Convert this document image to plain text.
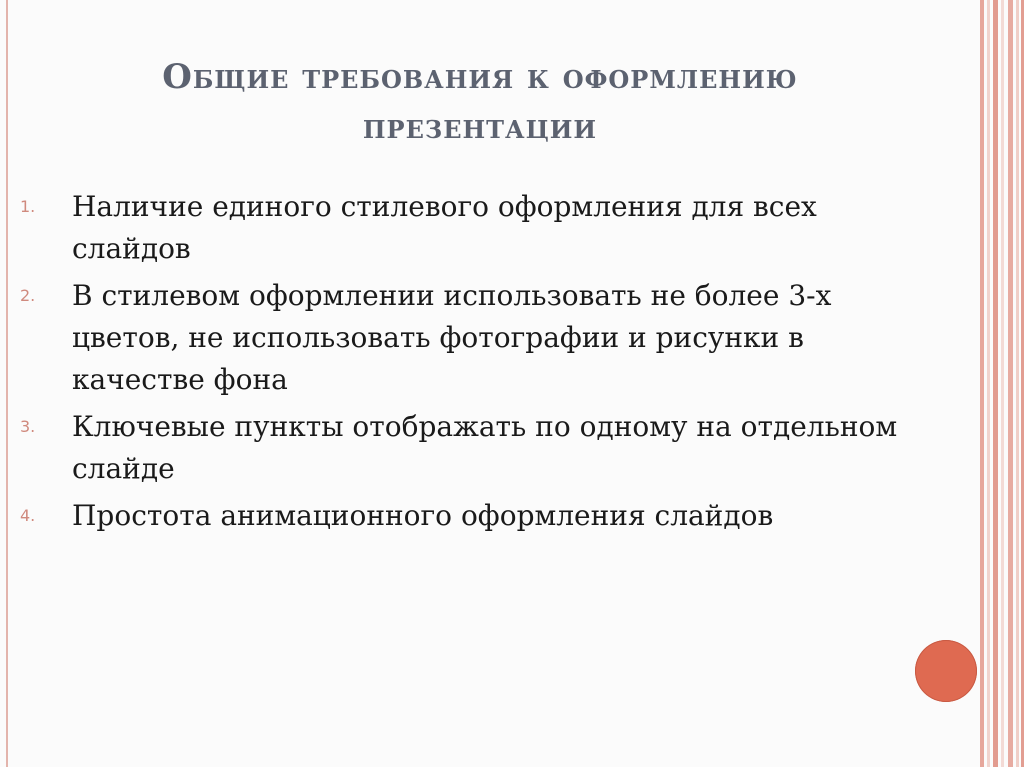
Общие требования к оформлению
презентации
1. Наличие единого стилевого оформления для всех слайдов
2. В стилевом оформлении использовать не более 3-х цветов, не использовать фотографии и рисунки в качестве фона
3. Ключевые пункты отображать по одному на отдельном слайде
4. Простота анимационного оформления слайдов
